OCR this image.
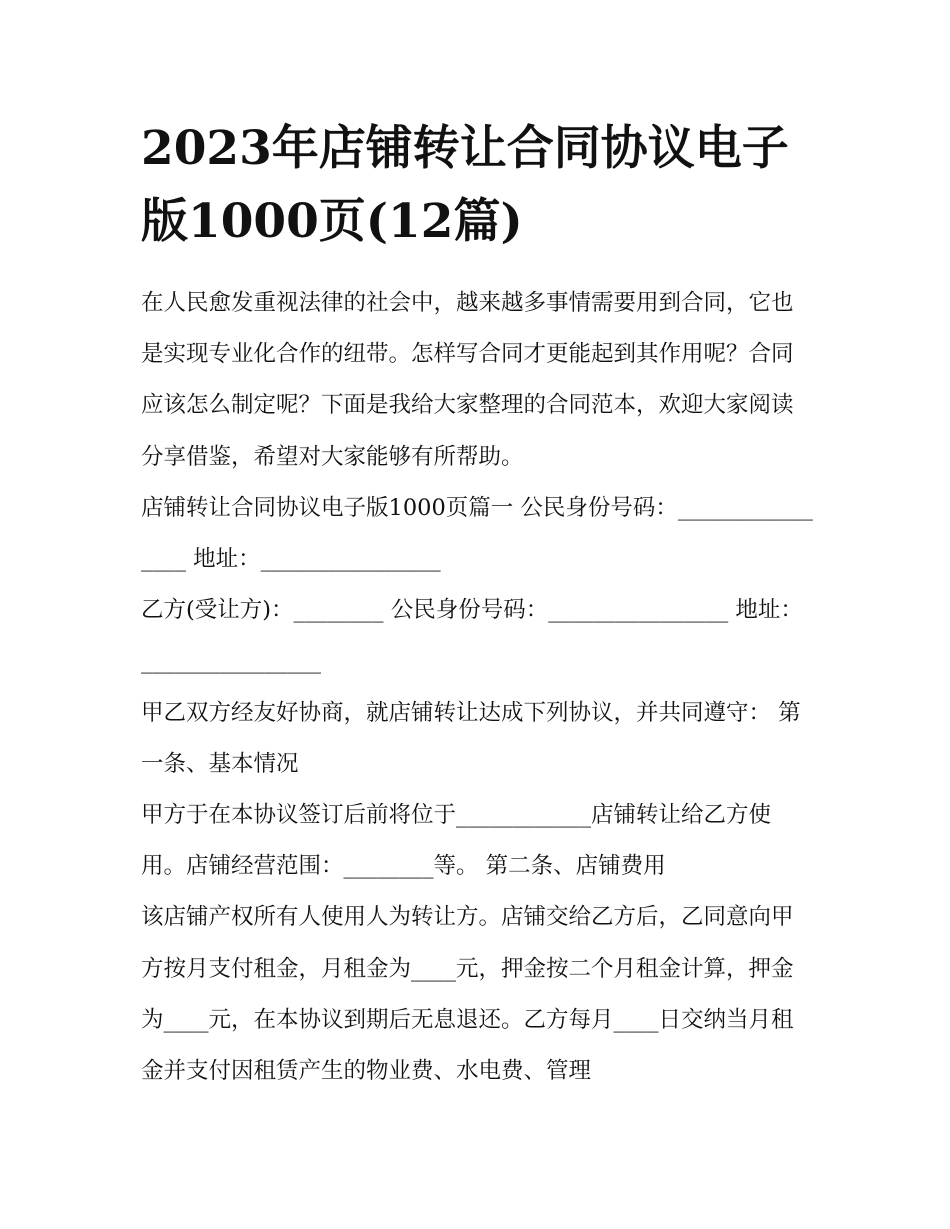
2023年店铺转让合同协议电子版1000页(12篇)

在人民愈发重视法律的社会中，越来越多事情需要用到合同，它也是实现专业化合作的纽带。怎样写合同才更能起到其作用呢？合同应该怎么制定呢？下面是我给大家整理的合同范本，欢迎大家阅读分享借鉴，希望对大家能够有所帮助。

店铺转让合同协议电子版1000页篇一 公民身份号码：________________ 地址：________________

乙方(受让方)：________ 公民身份号码：________________ 地址：________________

甲乙双方经友好协商，就店铺转让达成下列协议，并共同遵守： 第一条、基本情况

甲方于在本协议签订后前将位于____________店铺转让给乙方使用。店铺经营范围：________等。 第二条、店铺费用

该店铺产权所有人使用人为转让方。店铺交给乙方后，乙同意向甲方按月支付租金，月租金为____元，押金按二个月租金计算，押金为____元，在本协议到期后无息退还。乙方每月____日交纳当月租金并支付因租赁产生的物业费、水电费、管理
